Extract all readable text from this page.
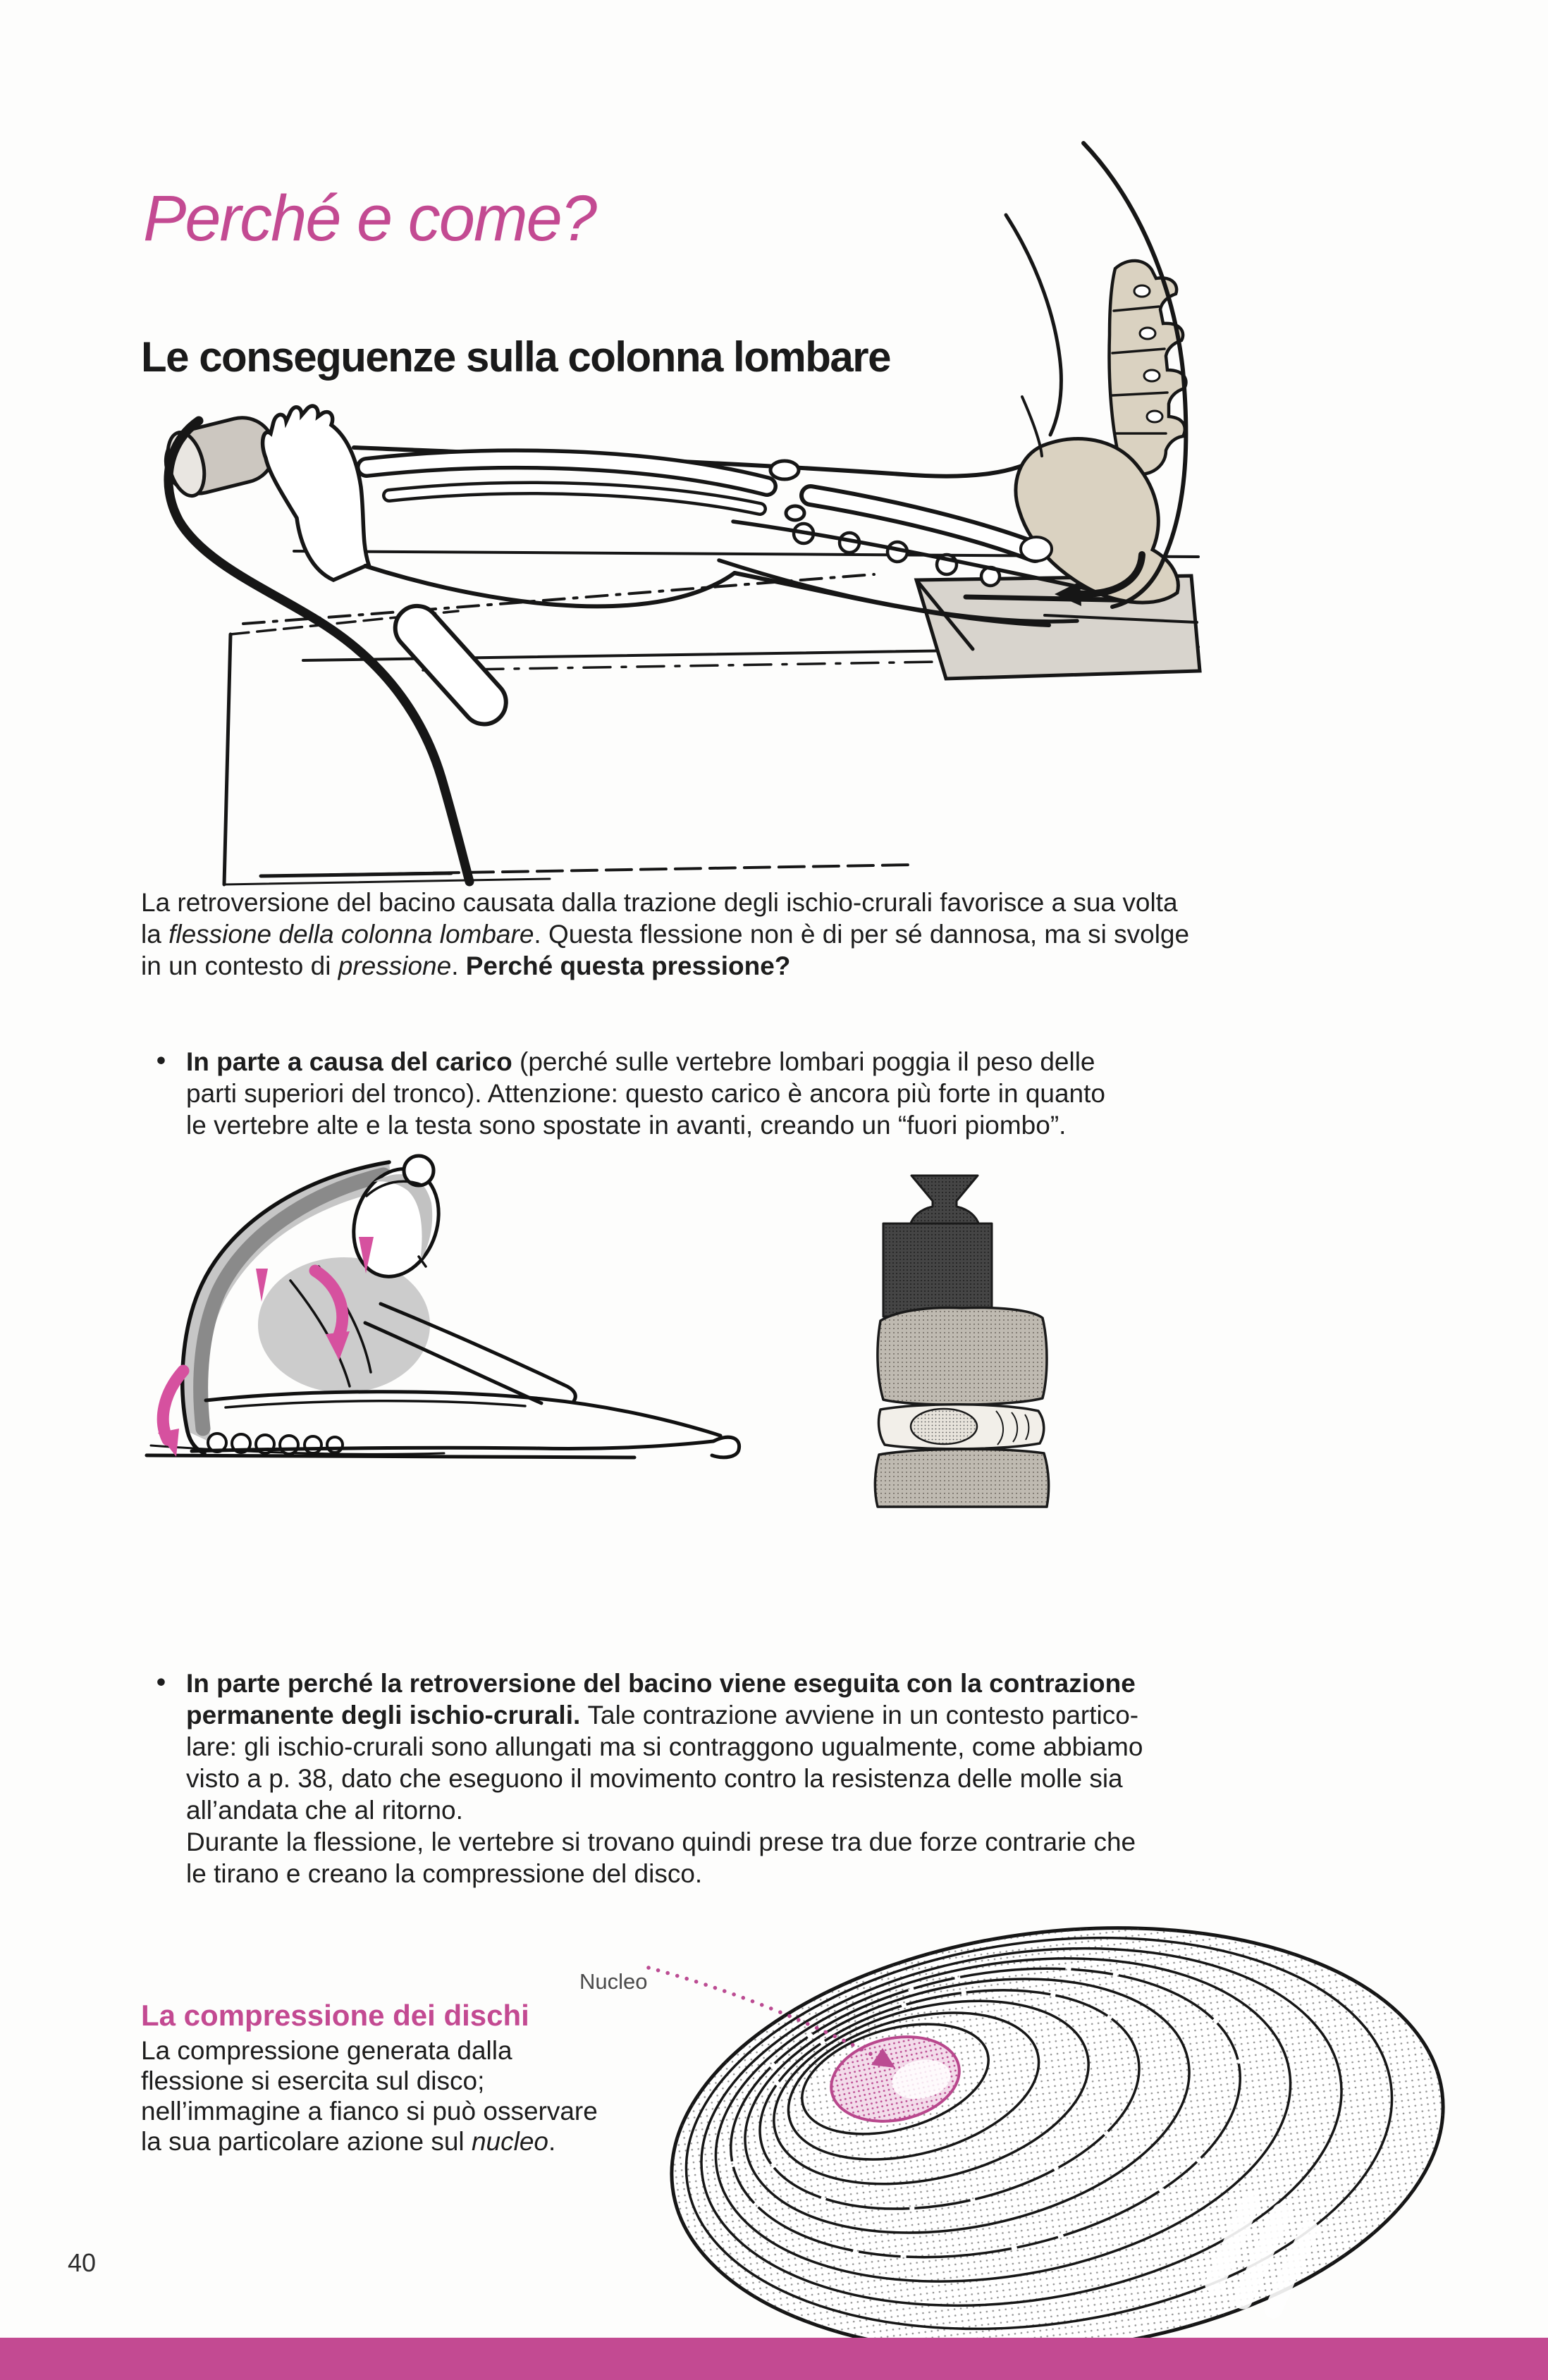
Perché e come?
Le conseguenze sulla colonna lombare
La retroversione del bacino causata dalla trazione degli ischio-crurali favorisce a sua volta
la flessione della colonna lombare. Questa flessione non è di per sé dannosa, ma si svolge
in un contesto di pressione. Perché questa pressione?
• In parte a causa del carico (perché sulle vertebre lombari poggia il peso delle
parti superiori del tronco). Attenzione: questo carico è ancora più forte in quanto
le vertebre alte e la testa sono spostate in avanti, creando un “fuori piombo”.
• In parte perché la retroversione del bacino viene eseguita con la contrazione
permanente degli ischio-crurali. Tale contrazione avviene in un contesto partico-
lare: gli ischio-crurali sono allungati ma si contraggono ugualmente, come abbiamo
visto a p. 38, dato che eseguono il movimento contro la resistenza delle molle sia
all’andata che al ritorno.
Durante la flessione, le vertebre si trovano quindi prese tra due forze contrarie che
le tirano e creano la compressione del disco.
La compressione dei dischi
La compressione generata dalla
flessione si esercita sul disco;
nell’immagine a fianco si può osservare
la sua particolare azione sul nucleo.
Nucleo
40
